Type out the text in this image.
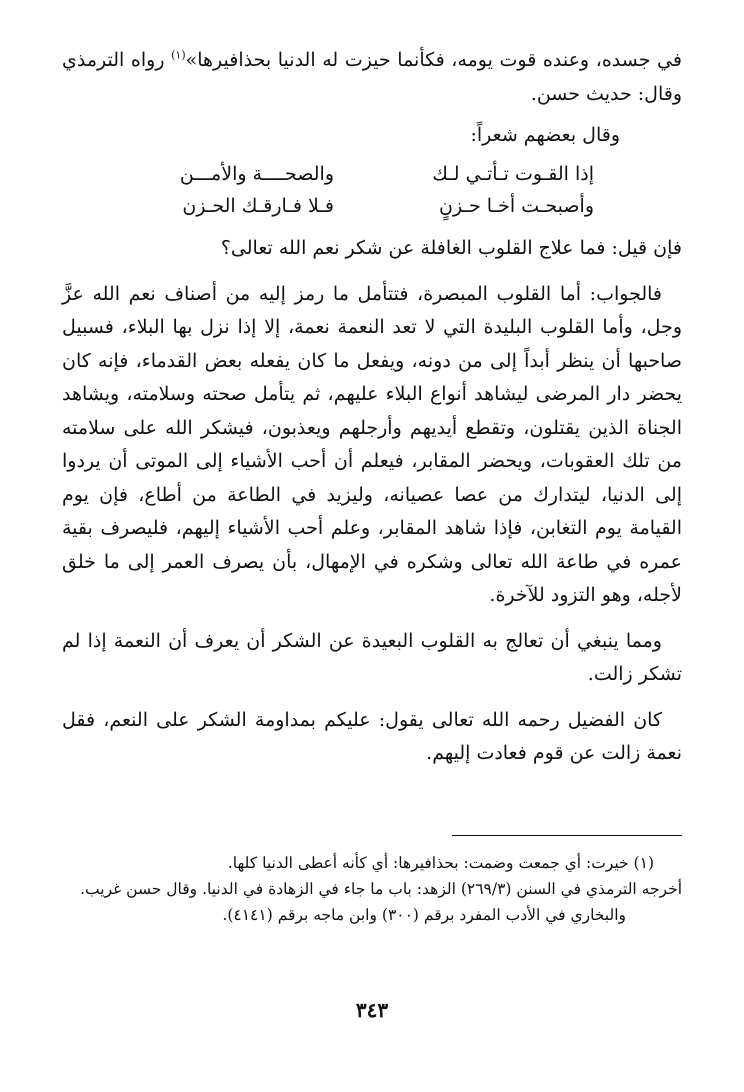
في جسده، وعنده قوت يومه، فكأنما حيزت له الدنيا بحذافيرها»$^{(١)}$ رواه الترمذي وقال: حديث حسن.

وقال بعضهم شعراً:

إذا القـوت تـأتـي لـك
والصحــــة والأمـــن
وأصبحـت أخـا حـزنٍ
فـلا فـارقـك الحـزن

فإن قيل: فما علاج القلوب الغافلة عن شكر نعم الله تعالى؟

فالجواب: أما القلوب المبصرة، فتتأمل ما رمز إليه من أصناف نعم الله عزَّ وجل، وأما القلوب البليدة التي لا تعد النعمة نعمة، إلا إذا نزل بها البلاء، فسبيل صاحبها أن ينظر أبداً إلى من دونه، ويفعل ما كان يفعله بعض القدماء، فإنه كان يحضر دار المرضى ليشاهد أنواع البلاء عليهم، ثم يتأمل صحته وسلامته، ويشاهد الجناة الذين يقتلون، وتقطع أيديهم وأرجلهم ويعذبون، فيشكر الله على سلامته من تلك العقوبات، ويحضر المقابر، فيعلم أن أحب الأشياء إلى الموتى أن يردوا إلى الدنيا، ليتدارك من عصا عصيانه، وليزيد في الطاعة من أطاع، فإن يوم القيامة يوم التغابن، فإذا شاهد المقابر، وعلم أحب الأشياء إليهم، فليصرف بقية عمره في طاعة الله تعالى وشكره في الإمهال، بأن يصرف العمر إلى ما خلق لأجله، وهو التزود للآخرة.

ومما ينبغي أن تعالج به القلوب البعيدة عن الشكر أن يعرف أن النعمة إذا لم تشكر زالت.

كان الفضيل رحمه الله تعالى يقول: عليكم بمداومة الشكر على النعم، فقل نعمة زالت عن قوم فعادت إليهم.

(١) خيرت: أي جمعت وضمت: بحذافيرها: أي كأنه أعطى الدنيا كلها.

أخرجه الترمذي في السنن (٢٦٩/٣) الزهد: باب ما جاء في الزهادة في الدنيا. وقال حسن غريب.

والبخاري في الأدب المفرد برقم (٣٠٠) وابن ماجه برقم (٤١٤١).

٣٤٣
